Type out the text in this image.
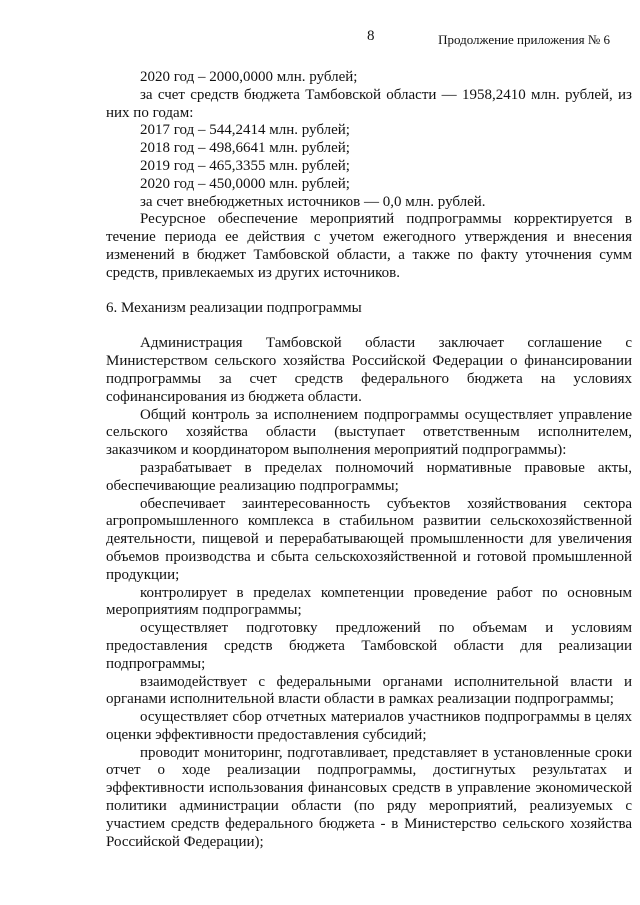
8	Продолжение приложения № 6

2020 год – 2000,0000 млн. рублей;

за счет средств бюджета Тамбовской области — 1958,2410 млн. рублей, из них по годам:

2017 год – 544,2414 млн. рублей;

2018 год – 498,6641 млн. рублей;

2019 год – 465,3355 млн. рублей;

2020 год – 450,0000 млн. рублей;

за счет внебюджетных источников — 0,0 млн. рублей.

Ресурсное обеспечение мероприятий подпрограммы корректируется в течение периода ее действия с учетом ежегодного утверждения и внесения изменений в бюджет Тамбовской области, а также по факту уточнения сумм средств, привлекаемых из других источников.

6. Механизм реализации подпрограммы

Администрация Тамбовской области заключает соглашение с Министерством сельского хозяйства Российской Федерации о финансировании подпрограммы за счет средств федерального бюджета на условиях софинансирования из бюджета области.

Общий контроль за исполнением подпрограммы осуществляет управление сельского хозяйства области (выступает ответственным исполнителем, заказчиком и координатором выполнения мероприятий подпрограммы):

разрабатывает в пределах полномочий нормативные правовые акты, обеспечивающие реализацию подпрограммы;

обеспечивает заинтересованность субъектов хозяйствования сектора агропромышленного комплекса в стабильном развитии сельскохозяйственной деятельности, пищевой и перерабатывающей промышленности для увеличения объемов производства и сбыта сельскохозяйственной и готовой промышленной продукции;

контролирует в пределах компетенции проведение работ по основным мероприятиям подпрограммы;

осуществляет подготовку предложений по объемам и условиям предоставления средств бюджета Тамбовской области для реализации подпрограммы;

взаимодействует с федеральными органами исполнительной власти и органами исполнительной власти области в рамках реализации подпрограммы;

осуществляет сбор отчетных материалов участников подпрограммы в целях оценки эффективности предоставления субсидий;

проводит мониторинг, подготавливает, представляет в установленные сроки отчет о ходе реализации подпрограммы, достигнутых результатах и эффективности использования финансовых средств в управление экономической политики администрации области (по ряду мероприятий, реализуемых с участием средств федерального бюджета - в Министерство сельского хозяйства Российской Федерации);
